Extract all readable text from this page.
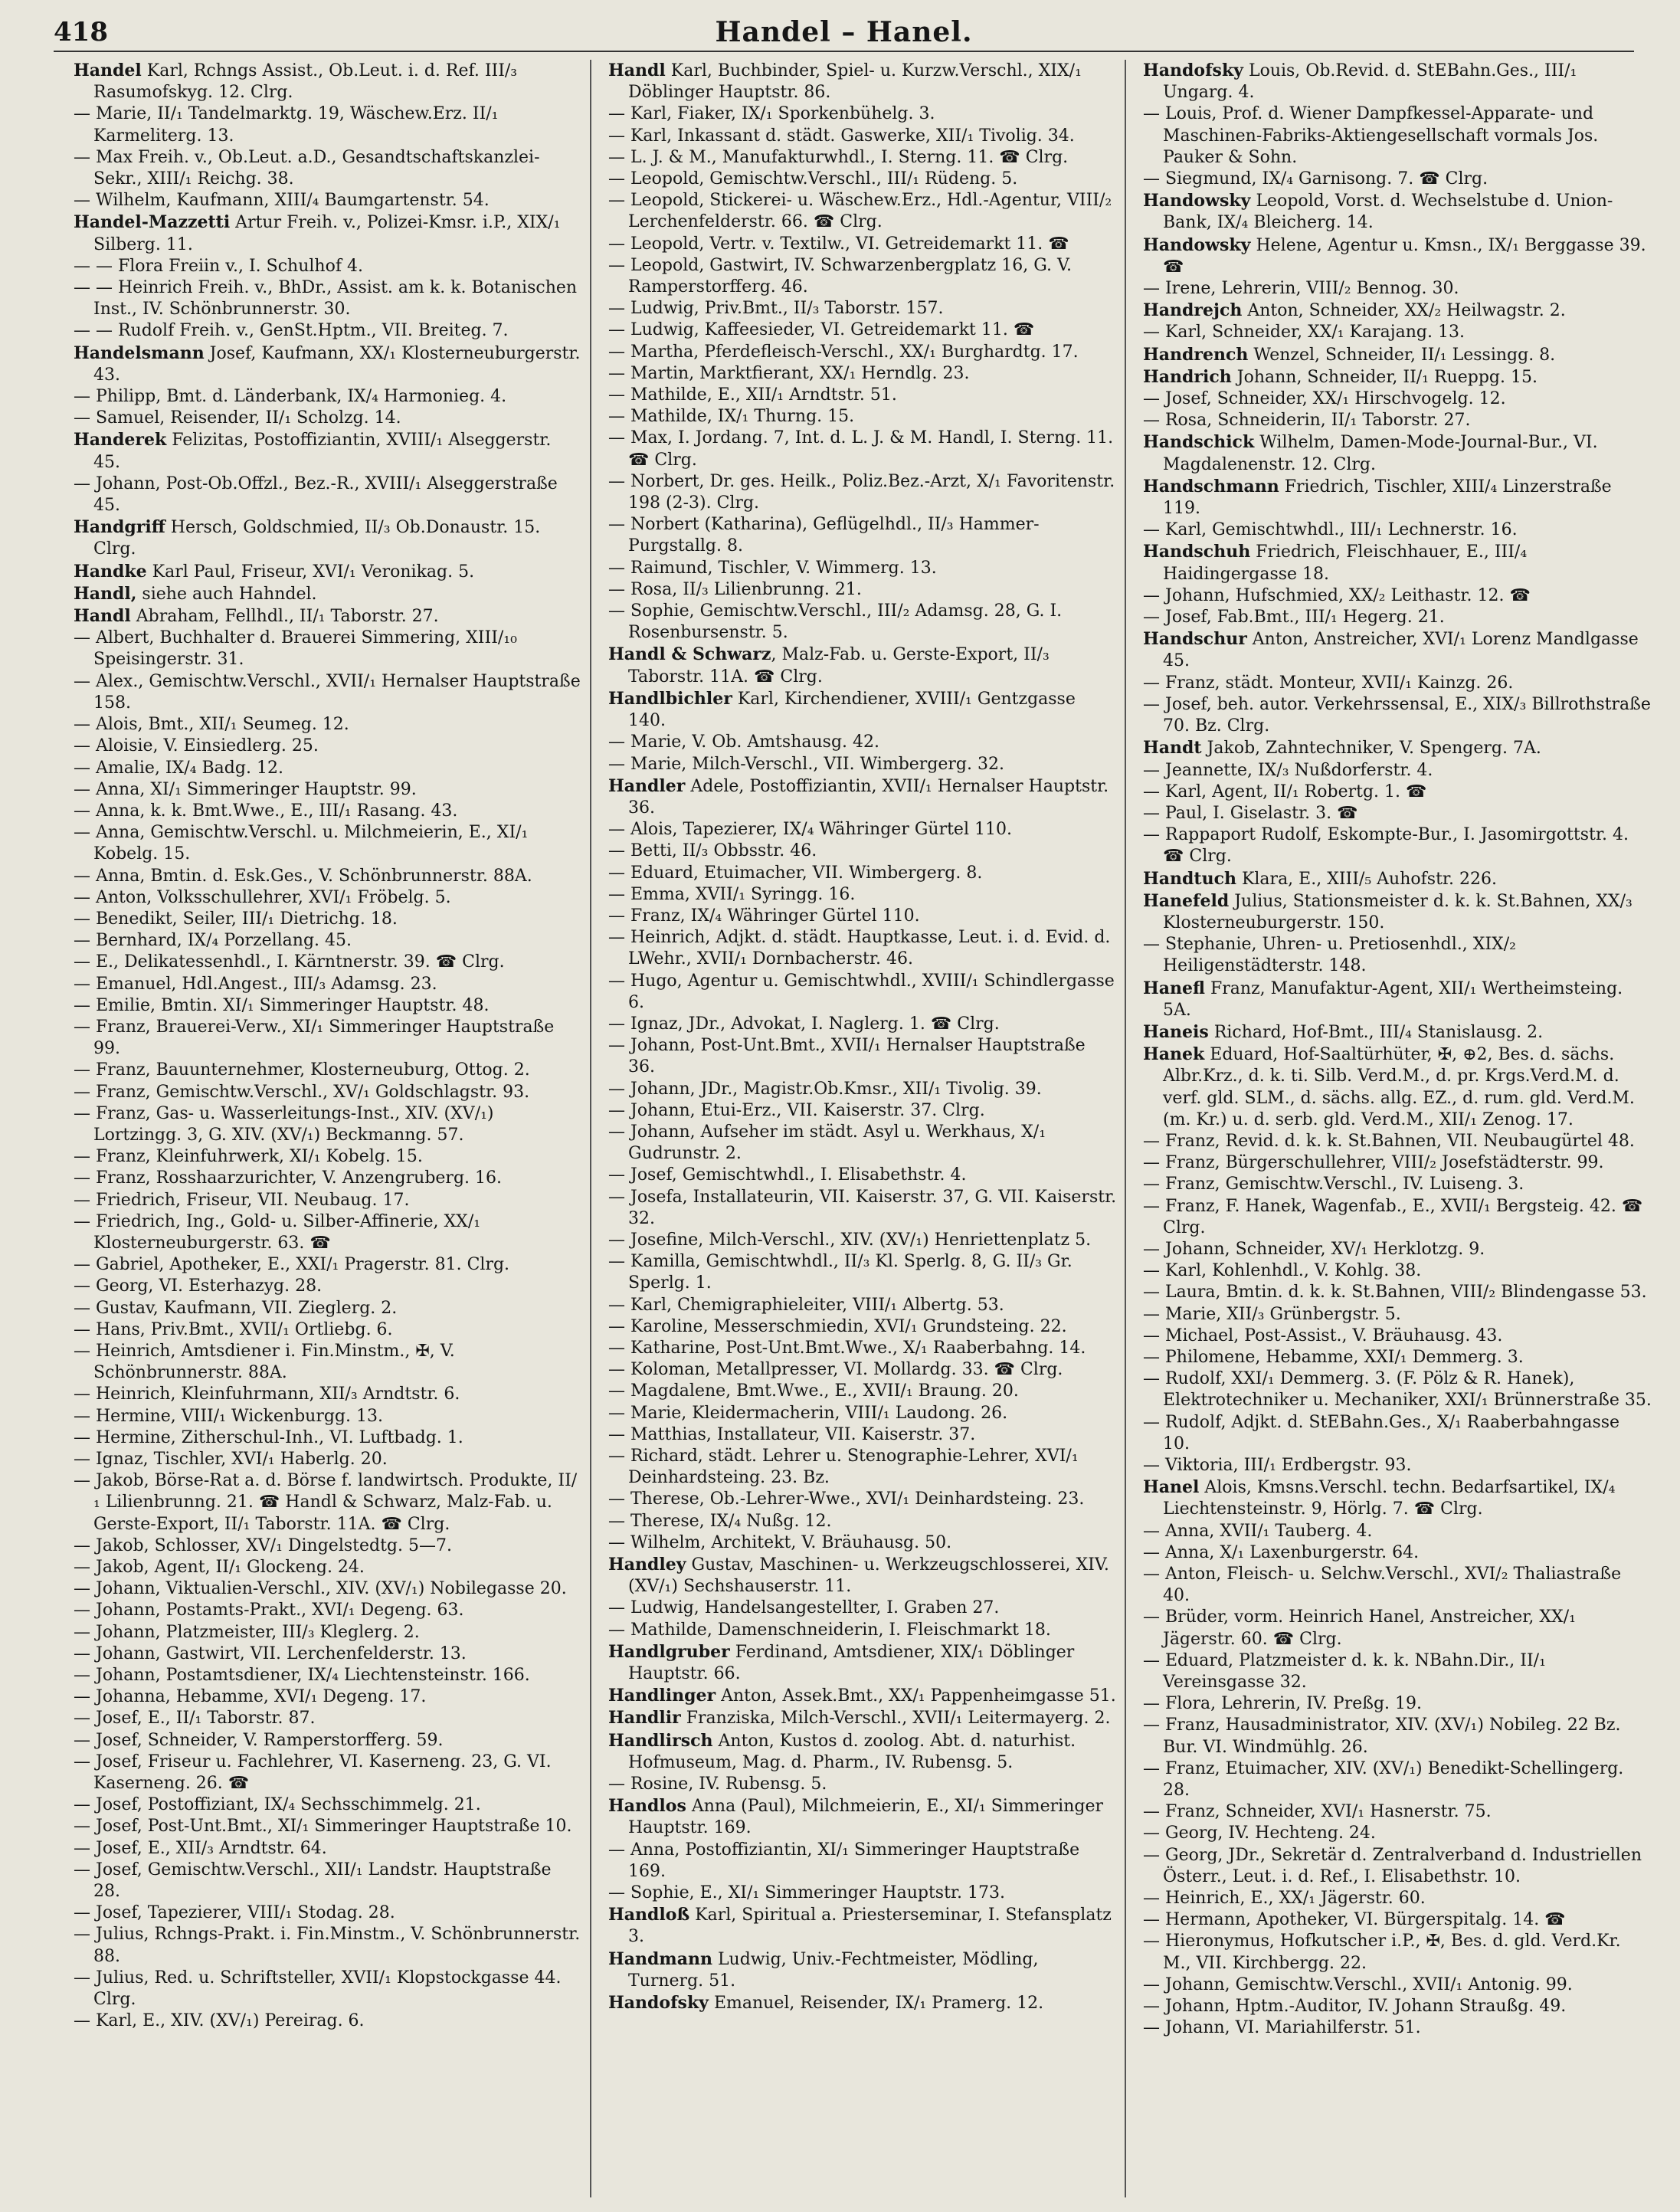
418	Handel – Hanel.

Handel Karl, Rchngs Assist., Ob.Leut. i. d. Ref. III/₃ Rasumofskyg. 12. Clrg.

— Marie, II/₁ Tandelmarktg. 19, Wäschew.Erz. II/₁ Karmeliterg. 13.

— Max Freih. v., Ob.Leut. a.D., Gesandtschaftskanzlei-Sekr., XIII/₁ Reichg. 38.

— Wilhelm, Kaufmann, XIII/₄ Baumgartenstr. 54.

Handel-Mazzetti Artur Freih. v., Polizei-Kmsr. i.P., XIX/₁ Silberg. 11.

— — Flora Freiin v., I. Schulhof 4.

— — Heinrich Freih. v., BhDr., Assist. am k. k. Botanischen Inst., IV. Schönbrunnerstr. 30.

— — Rudolf Freih. v., GenSt.Hptm., VII. Breiteg. 7.

Handelsmann Josef, Kaufmann, XX/₁ Klosterneuburgerstr. 43.

— Philipp, Bmt. d. Länderbank, IX/₄ Harmonieg. 4.

— Samuel, Reisender, II/₁ Scholzg. 14.

Handerek Felizitas, Postoffiziantin, XVIII/₁ Alseggerstr. 45.

— Johann, Post-Ob.Offzl., Bez.-R., XVIII/₁ Alseggerstraße 45.

Handgriff Hersch, Goldschmied, II/₃ Ob.Donaustr. 15. Clrg.

Handke Karl Paul, Friseur, XVI/₁ Veronikag. 5.

Handl, siehe auch Hahndel.

Handl Abraham, Fellhdl., II/₁ Taborstr. 27.

— Albert, Buchhalter d. Brauerei Simmering, XIII/₁₀ Speisingerstr. 31.

— Alex., Gemischtw.Verschl., XVII/₁ Hernalser Hauptstraße 158.

— Alois, Bmt., XII/₁ Seumeg. 12.

— Aloisie, V. Einsiedlerg. 25.

— Amalie, IX/₄ Badg. 12.

— Anna, XI/₁ Simmeringer Hauptstr. 99.

— Anna, k. k. Bmt.Wwe., E., III/₁ Rasang. 43.

— Anna, Gemischtw.Verschl. u. Milchmeierin, E., XI/₁ Kobelg. 15.

— Anna, Bmtin. d. Esk.Ges., V. Schönbrunnerstr. 88A.

— Anton, Volksschullehrer, XVI/₁ Fröbelg. 5.

— Benedikt, Seiler, III/₁ Dietrichg. 18.

— Bernhard, IX/₄ Porzellang. 45.

— E., Delikatessenhdl., I. Kärntnerstr. 39. ☎ Clrg.

— Emanuel, Hdl.Angest., III/₃ Adamsg. 23.

— Emilie, Bmtin. XI/₁ Simmeringer Hauptstr. 48.

— Franz, Brauerei-Verw., XI/₁ Simmeringer Hauptstraße 99.

— Franz, Bauunternehmer, Klosterneuburg, Ottog. 2.

— Franz, Gemischtw.Verschl., XV/₁ Goldschlagstr. 93.

— Franz, Gas- u. Wasserleitungs-Inst., XIV. (XV/₁) Lortzingg. 3, G. XIV. (XV/₁) Beckmanng. 57.

— Franz, Kleinfuhrwerk, XI/₁ Kobelg. 15.

— Franz, Rosshaarzurichter, V. Anzengruberg. 16.

— Friedrich, Friseur, VII. Neubaug. 17.

— Friedrich, Ing., Gold- u. Silber-Affinerie, XX/₁ Klosterneuburgerstr. 63. ☎

— Gabriel, Apotheker, E., XXI/₁ Pragerstr. 81. Clrg.

— Georg, VI. Esterhazyg. 28.

— Gustav, Kaufmann, VII. Zieglerg. 2.

— Hans, Priv.Bmt., XVII/₁ Ortliebg. 6.

— Heinrich, Amtsdiener i. Fin.Minstm., ✠, V. Schönbrunnerstr. 88A.

— Heinrich, Kleinfuhrmann, XII/₃ Arndtstr. 6.

— Hermine, VIII/₁ Wickenburgg. 13.

— Hermine, Zitherschul-Inh., VI. Luftbadg. 1.

— Ignaz, Tischler, XVI/₁ Haberlg. 20.

— Jakob, Börse-Rat a. d. Börse f. landwirtsch. Produkte, II/₁ Lilienbrunng. 21. ☎ Handl & Schwarz, Malz-Fab. u. Gerste-Export, II/₁ Taborstr. 11A. ☎ Clrg.

— Jakob, Schlosser, XV/₁ Dingelstedtg. 5—7.

— Jakob, Agent, II/₁ Glockeng. 24.

— Johann, Viktualien-Verschl., XIV. (XV/₁) Nobilegasse 20.

— Johann, Postamts-Prakt., XVI/₁ Degeng. 63.

— Johann, Platzmeister, III/₃ Kleglerg. 2.

— Johann, Gastwirt, VII. Lerchenfelderstr. 13.

— Johann, Postamtsdiener, IX/₄ Liechtensteinstr. 166.

— Johanna, Hebamme, XVI/₁ Degeng. 17.

— Josef, E., II/₁ Taborstr. 87.

— Josef, Schneider, V. Ramperstorfferg. 59.

— Josef, Friseur u. Fachlehrer, VI. Kaserneng. 23, G. VI. Kaserneng. 26. ☎

— Josef, Postoffiziant, IX/₄ Sechsschimmelg. 21.

— Josef, Post-Unt.Bmt., XI/₁ Simmeringer Hauptstraße 10.

— Josef, E., XII/₃ Arndtstr. 64.

— Josef, Gemischtw.Verschl., XII/₁ Landstr. Hauptstraße 28.

— Josef, Tapezierer, VIII/₁ Stodag. 28.

— Julius, Rchngs-Prakt. i. Fin.Minstm., V. Schönbrunnerstr. 88.

— Julius, Red. u. Schriftsteller, XVII/₁ Klopstockgasse 44. Clrg.

— Karl, E., XIV. (XV/₁) Pereirag. 6.

Handl Karl, Buchbinder, Spiel- u. Kurzw.Verschl., XIX/₁ Döblinger Hauptstr. 86.

— Karl, Fiaker, IX/₁ Sporkenbühelg. 3.

— Karl, Inkassant d. städt. Gaswerke, XII/₁ Tivolig. 34.

— L. J. & M., Manufakturwhdl., I. Sterng. 11. ☎ Clrg.

— Leopold, Gemischtw.Verschl., III/₁ Rüdeng. 5.

— Leopold, Stickerei- u. Wäschew.Erz., Hdl.-Agentur, VIII/₂ Lerchenfelderstr. 66. ☎ Clrg.

— Leopold, Vertr. v. Textilw., VI. Getreidemarkt 11. ☎

— Leopold, Gastwirt, IV. Schwarzenbergplatz 16, G. V. Ramperstorfferg. 46.

— Ludwig, Priv.Bmt., II/₃ Taborstr. 157.

— Ludwig, Kaffeesieder, VI. Getreidemarkt 11. ☎

— Martha, Pferdefleisch-Verschl., XX/₁ Burghardtg. 17.

— Martin, Marktfierant, XX/₁ Herndlg. 23.

— Mathilde, E., XII/₁ Arndtstr. 51.

— Mathilde, IX/₁ Thurng. 15.

— Max, I. Jordang. 7, Int. d. L. J. & M. Handl, I. Sterng. 11. ☎ Clrg.

— Norbert, Dr. ges. Heilk., Poliz.Bez.-Arzt, X/₁ Favoritenstr. 198 (2-3). Clrg.

— Norbert (Katharina), Geflügelhdl., II/₃ Hammer-Purgstallg. 8.

— Raimund, Tischler, V. Wimmerg. 13.

— Rosa, II/₃ Lilienbrunng. 21.

— Sophie, Gemischtw.Verschl., III/₂ Adamsg. 28, G. I. Rosenbursenstr. 5.

Handl & Schwarz, Malz-Fab. u. Gerste-Export, II/₃ Taborstr. 11A. ☎ Clrg.

Handlbichler Karl, Kirchendiener, XVIII/₁ Gentzgasse 140.

— Marie, V. Ob. Amtshausg. 42.

— Marie, Milch-Verschl., VII. Wimbergerg. 32.

Handler Adele, Postoffiziantin, XVII/₁ Hernalser Hauptstr. 36.

— Alois, Tapezierer, IX/₄ Währinger Gürtel 110.

— Betti, II/₃ Obbsstr. 46.

— Eduard, Etuimacher, VII. Wimbergerg. 8.

— Emma, XVII/₁ Syringg. 16.

— Franz, IX/₄ Währinger Gürtel 110.

— Heinrich, Adjkt. d. städt. Hauptkasse, Leut. i. d. Evid. d. LWehr., XVII/₁ Dornbacherstr. 46.

— Hugo, Agentur u. Gemischtwhdl., XVIII/₁ Schindlergasse 6.

— Ignaz, JDr., Advokat, I. Naglerg. 1. ☎ Clrg.

— Johann, Post-Unt.Bmt., XVII/₁ Hernalser Hauptstraße 36.

— Johann, JDr., Magistr.Ob.Kmsr., XII/₁ Tivolig. 39.

— Johann, Etui-Erz., VII. Kaiserstr. 37. Clrg.

— Johann, Aufseher im städt. Asyl u. Werkhaus, X/₁ Gudrunstr. 2.

— Josef, Gemischtwhdl., I. Elisabethstr. 4.

— Josefa, Installateurin, VII. Kaiserstr. 37, G. VII. Kaiserstr. 32.

— Josefine, Milch-Verschl., XIV. (XV/₁) Henriettenplatz 5.

— Kamilla, Gemischtwhdl., II/₃ Kl. Sperlg. 8, G. II/₃ Gr. Sperlg. 1.

— Karl, Chemigraphieleiter, VIII/₁ Albertg. 53.

— Karoline, Messerschmiedin, XVI/₁ Grundsteing. 22.

— Katharine, Post-Unt.Bmt.Wwe., X/₁ Raaberbahng. 14.

— Koloman, Metallpresser, VI. Mollardg. 33. ☎ Clrg.

— Magdalene, Bmt.Wwe., E., XVII/₁ Braung. 20.

— Marie, Kleidermacherin, VIII/₁ Laudong. 26.

— Matthias, Installateur, VII. Kaiserstr. 37.

— Richard, städt. Lehrer u. Stenographie-Lehrer, XVI/₁ Deinhardsteing. 23. Bz.

— Therese, Ob.-Lehrer-Wwe., XVI/₁ Deinhardsteing. 23.

— Therese, IX/₄ Nußg. 12.

— Wilhelm, Architekt, V. Bräuhausg. 50.

Handley Gustav, Maschinen- u. Werkzeugschlosserei, XIV. (XV/₁) Sechshauserstr. 11.

— Ludwig, Handelsangestellter, I. Graben 27.

— Mathilde, Damenschneiderin, I. Fleischmarkt 18.

Handlgruber Ferdinand, Amtsdiener, XIX/₁ Döblinger Hauptstr. 66.

Handlinger Anton, Assek.Bmt., XX/₁ Pappenheimgasse 51.

Handlir Franziska, Milch-Verschl., XVII/₁ Leitermayerg. 2.

Handlirsch Anton, Kustos d. zoolog. Abt. d. naturhist. Hofmuseum, Mag. d. Pharm., IV. Rubensg. 5.

— Rosine, IV. Rubensg. 5.

Handlos Anna (Paul), Milchmeierin, E., XI/₁ Simmeringer Hauptstr. 169.

— Anna, Postoffiziantin, XI/₁ Simmeringer Hauptstraße 169.

— Sophie, E., XI/₁ Simmeringer Hauptstr. 173.

Handloß Karl, Spiritual a. Priesterseminar, I. Stefansplatz 3.

Handmann Ludwig, Univ.-Fechtmeister, Mödling, Turnerg. 51.

Handofsky Emanuel, Reisender, IX/₁ Pramerg. 12.

Handofsky Louis, Ob.Revid. d. StEBahn.Ges., III/₁ Ungarg. 4.

— Louis, Prof. d. Wiener Dampfkessel-Apparate- und Maschinen-Fabriks-Aktiengesellschaft vormals Jos. Pauker & Sohn.

— Siegmund, IX/₄ Garnisong. 7. ☎ Clrg.

Handowsky Leopold, Vorst. d. Wechselstube d. Union-Bank, IX/₄ Bleicherg. 14.

Handowsky Helene, Agentur u. Kmsn., IX/₁ Berggasse 39. ☎

— Irene, Lehrerin, VIII/₂ Bennog. 30.

Handrejch Anton, Schneider, XX/₂ Heilwagstr. 2.

— Karl, Schneider, XX/₁ Karajang. 13.

Handrench Wenzel, Schneider, II/₁ Lessingg. 8.

Handrich Johann, Schneider, II/₁ Rueppg. 15.

— Josef, Schneider, XX/₁ Hirschvogelg. 12.

— Rosa, Schneiderin, II/₁ Taborstr. 27.

Handschick Wilhelm, Damen-Mode-Journal-Bur., VI. Magdalenenstr. 12. Clrg.

Handschmann Friedrich, Tischler, XIII/₄ Linzerstraße 119.

— Karl, Gemischtwhdl., III/₁ Lechnerstr. 16.

Handschuh Friedrich, Fleischhauer, E., III/₄ Haidingergasse 18.

— Johann, Hufschmied, XX/₂ Leithastr. 12. ☎

— Josef, Fab.Bmt., III/₁ Hegerg. 21.

Handschur Anton, Anstreicher, XVI/₁ Lorenz Mandlgasse 45.

— Franz, städt. Monteur, XVII/₁ Kainzg. 26.

— Josef, beh. autor. Verkehrssensal, E., XIX/₃ Billrothstraße 70. Bz. Clrg.

Handt Jakob, Zahntechniker, V. Spengerg. 7A.

— Jeannette, IX/₃ Nußdorferstr. 4.

— Karl, Agent, II/₁ Robertg. 1. ☎

— Paul, I. Giselastr. 3. ☎

— Rappaport Rudolf, Eskompte-Bur., I. Jasomirgottstr. 4. ☎ Clrg.

Handtuch Klara, E., XIII/₅ Auhofstr. 226.

Hanefeld Julius, Stationsmeister d. k. k. St.Bahnen, XX/₃ Klosterneuburgerstr. 150.

— Stephanie, Uhren- u. Pretiosenhdl., XIX/₂ Heiligenstädterstr. 148.

Hanefl Franz, Manufaktur-Agent, XII/₁ Wertheimsteing. 5A.

Haneis Richard, Hof-Bmt., III/₄ Stanislausg. 2.

Hanek Eduard, Hof-Saaltürhüter, ✠, ⊕2, Bes. d. sächs. Albr.Krz., d. k. ti. Silb. Verd.M., d. pr. Krgs.Verd.M. d. verf. gld. SLM., d. sächs. allg. EZ., d. rum. gld. Verd.M. (m. Kr.) u. d. serb. gld. Verd.M., XII/₁ Zenog. 17.

— Franz, Revid. d. k. k. St.Bahnen, VII. Neubaugürtel 48.

— Franz, Bürgerschullehrer, VIII/₂ Josefstädterstr. 99.

— Franz, Gemischtw.Verschl., IV. Luiseng. 3.

— Franz, F. Hanek, Wagenfab., E., XVII/₁ Bergsteig. 42. ☎ Clrg.

— Johann, Schneider, XV/₁ Herklotzg. 9.

— Karl, Kohlenhdl., V. Kohlg. 38.

— Laura, Bmtin. d. k. k. St.Bahnen, VIII/₂ Blindengasse 53.

— Marie, XII/₃ Grünbergstr. 5.

— Michael, Post-Assist., V. Bräuhausg. 43.

— Philomene, Hebamme, XXI/₁ Demmerg. 3.

— Rudolf, XXI/₁ Demmerg. 3. (F. Pölz & R. Hanek), Elektrotechniker u. Mechaniker, XXI/₁ Brünnerstraße 35.

— Rudolf, Adjkt. d. StEBahn.Ges., X/₁ Raaberbahngasse 10.

— Viktoria, III/₁ Erdbergstr. 93.

Hanel Alois, Kmsns.Verschl. techn. Bedarfsartikel, IX/₄ Liechtensteinstr. 9, Hörlg. 7. ☎ Clrg.

— Anna, XVII/₁ Tauberg. 4.

— Anna, X/₁ Laxenburgerstr. 64.

— Anton, Fleisch- u. Selchw.Verschl., XVI/₂ Thaliastraße 40.

— Brüder, vorm. Heinrich Hanel, Anstreicher, XX/₁ Jägerstr. 60. ☎ Clrg.

— Eduard, Platzmeister d. k. k. NBahn.Dir., II/₁ Vereinsgasse 32.

— Flora, Lehrerin, IV. Preßg. 19.

— Franz, Hausadministrator, XIV. (XV/₁) Nobileg. 22 Bz. Bur. VI. Windmühlg. 26.

— Franz, Etuimacher, XIV. (XV/₁) Benedikt-Schellingerg. 28.

— Franz, Schneider, XVI/₁ Hasnerstr. 75.

— Georg, IV. Hechteng. 24.

— Georg, JDr., Sekretär d. Zentralverband d. Industriellen Österr., Leut. i. d. Ref., I. Elisabethstr. 10.

— Heinrich, E., XX/₁ Jägerstr. 60.

— Hermann, Apotheker, VI. Bürgerspitalg. 14. ☎

— Hieronymus, Hofkutscher i.P., ✠, Bes. d. gld. Verd.Kr. M., VII. Kirchbergg. 22.

— Johann, Gemischtw.Verschl., XVII/₁ Antonig. 99.

— Johann, Hptm.-Auditor, IV. Johann Straußg. 49.

— Johann, VI. Mariahilferstr. 51.
